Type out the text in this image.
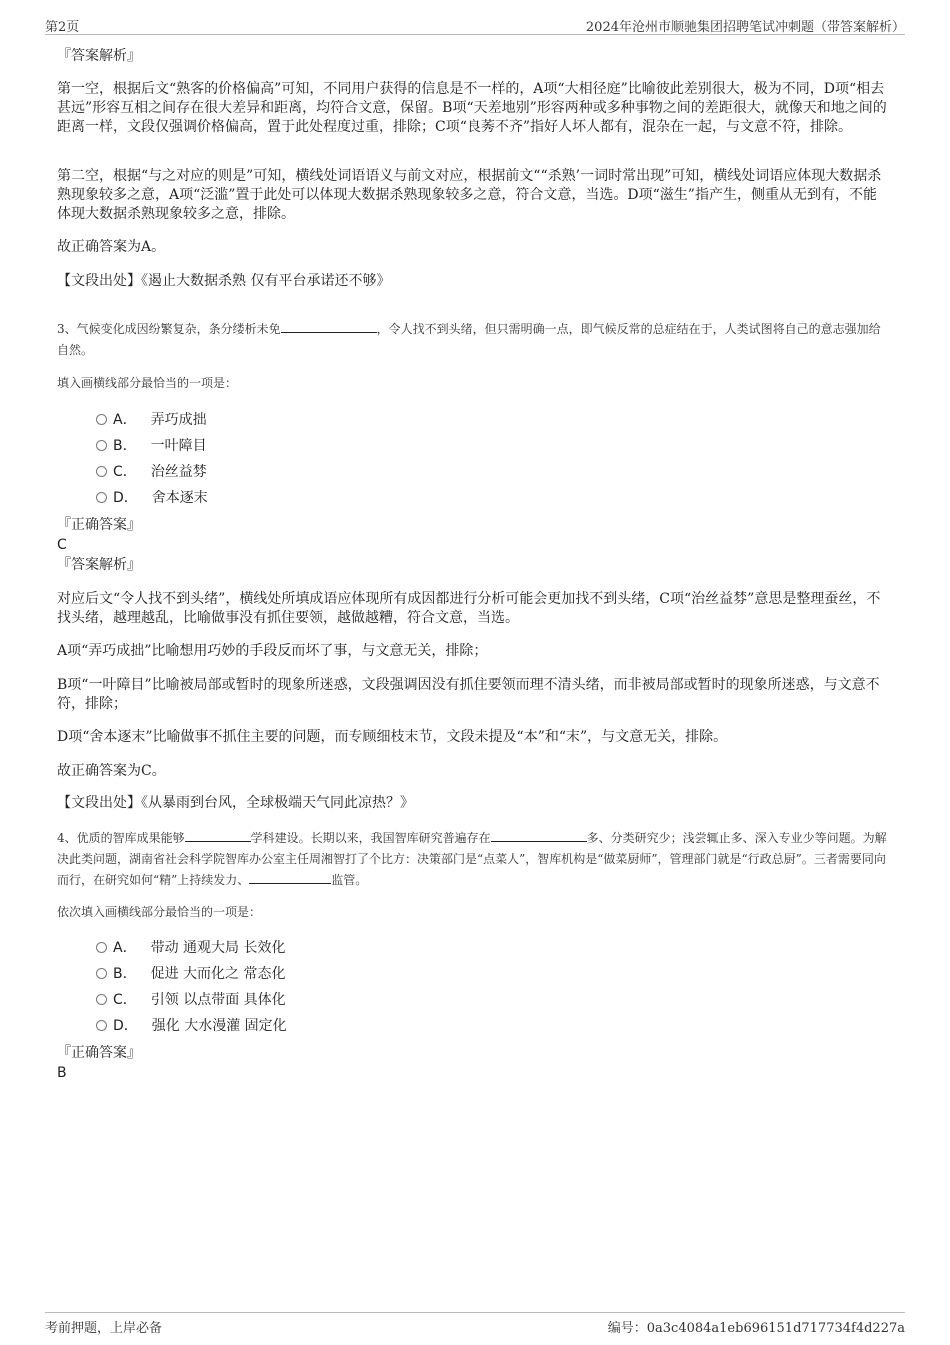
第2页	2024年沧州市顺驰集团招聘笔试冲刺题（带答案解析）
『答案解析』
第一空，根据后文“熟客的价格偏高”可知，不同用户获得的信息是不一样的，A项“大相径庭”比喻彼此差别很大，极为不同，D项“相去甚远”形容互相之间存在很大差异和距离，均符合文意，保留。B项“天差地别”形容两种或多种事物之间的差距很大，就像天和地之间的距离一样，文段仅强调价格偏高，置于此处程度过重，排除；C项“良莠不齐”指好人坏人都有，混杂在一起，与文意不符，排除。
第二空，根据“与之对应的则是”可知，横线处词语语义与前文对应，根据前文““杀熟’一词时常出现”可知，横线处词语应体现大数据杀熟现象较多之意，A项“泛滥”置于此处可以体现大数据杀熟现象较多之意，符合文意，当选。D项“滋生”指产生，侧重从无到有，不能体现大数据杀熟现象较多之意，排除。
故正确答案为A。
【文段出处】《遏止大数据杀熟 仅有平台承诺还不够》
3、气候变化成因纷繁复杂，条分缕析未免	，令人找不到头绪，但只需明确一点，即气候反常的总症结在于，人类试图将自己的意志强加给自然。
填入画横线部分最恰当的一项是：
A． 弄巧成拙
B． 一叶障目
C． 治丝益棼
D． 舍本逐末
『正确答案』
C
『答案解析』
对应后文“令人找不到头绪”，横线处所填成语应体现所有成因都进行分析可能会更加找不到头绪，C项“治丝益棼”意思是整理蚕丝，不找头绪，越理越乱，比喻做事没有抓住要领，越做越糟，符合文意，当选。
A项“弄巧成拙”比喻想用巧妙的手段反而坏了事，与文意无关，排除；
B项“一叶障目”比喻被局部或暂时的现象所迷惑，文段强调因没有抓住要领而理不清头绪，而非被局部或暂时的现象所迷惑，与文意不符，排除；
D项“舍本逐末”比喻做事不抓住主要的问题，而专顾细枝末节，文段未提及“本”和“末”，与文意无关，排除。
故正确答案为C。
【文段出处】《从暴雨到台风，全球极端天气同此凉热？》
4、优质的智库成果能够	学科建设。长期以来，我国智库研究普遍存在	多、分类研究少；浅尝辄止多、深入专业少等问题。为解决此类问题，湖南省社会科学院智库办公室主任周湘智打了个比方：决策部门是“点菜人”，智库机构是“做菜厨师”，管理部门就是“行政总厨”。三者需要同向而行，在研究如何“精”上持续发力、	监管。
依次填入画横线部分最恰当的一项是：
A． 带动 通观大局 长效化
B． 促进 大而化之 常态化
C． 引领 以点带面 具体化
D． 强化 大水漫灌 固定化
『正确答案』
B
考前押题，上岸必备	编号：0a3c4084a1eb696151d717734f4d227a
